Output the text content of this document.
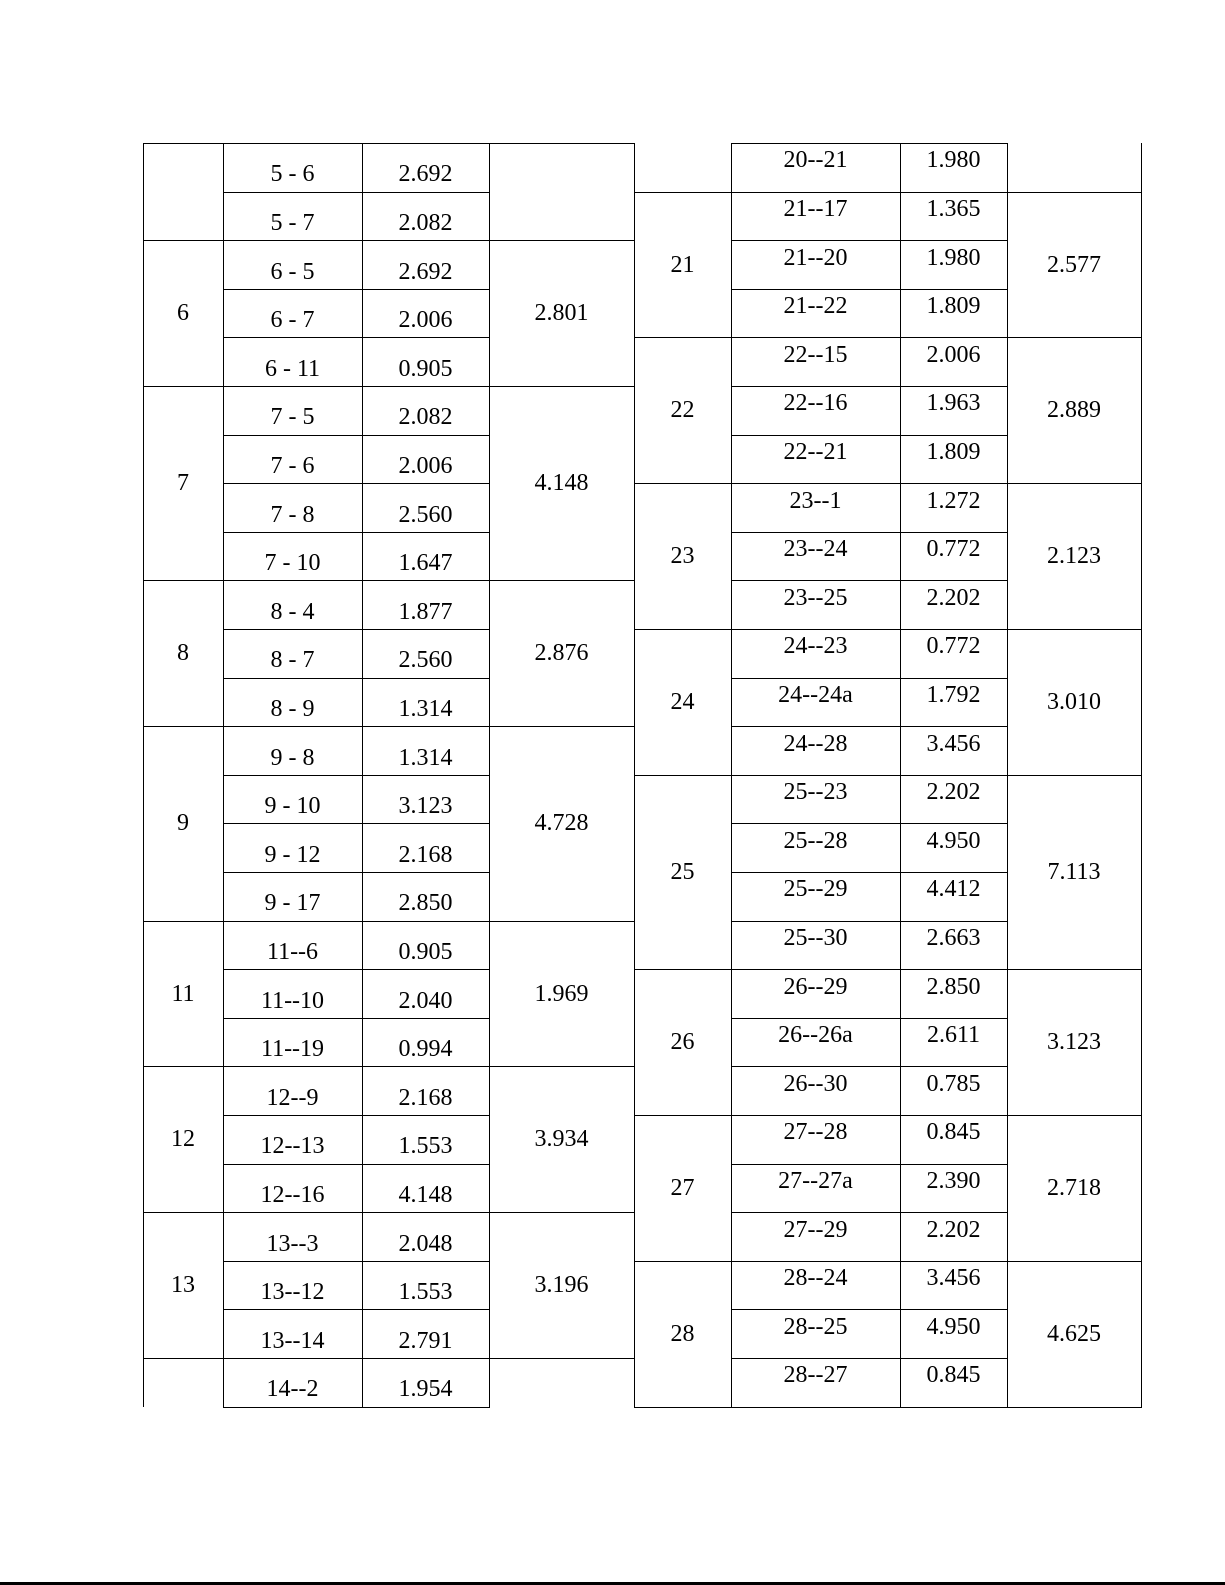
5 - 6	2.692
5 - 7	2.082
6	2.801
6 - 5	2.692
6 - 7	2.006
6 - 11	0.905
7	4.148
7 - 5	2.082
7 - 6	2.006
7 - 8	2.560
7 - 10	1.647
8	2.876
8 - 4	1.877
8 - 7	2.560
8 - 9	1.314
9	4.728
9 - 8	1.314
9 - 10	3.123
9 - 12	2.168
9 - 17	2.850
11	1.969
11--6	0.905
11--10	2.040
11--19	0.994
12	3.934
12--9	2.168
12--13	1.553
12--16	4.148
13	3.196
13--3	2.048
13--12	1.553
13--14	2.791
14--2	1.954
20--21	1.980
21	2.577
21--17	1.365
21--20	1.980
21--22	1.809
22	2.889
22--15	2.006
22--16	1.963
22--21	1.809
23	2.123
23--1	1.272
23--24	0.772
23--25	2.202
24	3.010
24--23	0.772
24--24a	1.792
24--28	3.456
25	7.113
25--23	2.202
25--28	4.950
25--29	4.412
25--30	2.663
26	3.123
26--29	2.850
26--26a	2.611
26--30	0.785
27	2.718
27--28	0.845
27--27a	2.390
27--29	2.202
28	4.625
28--24	3.456
28--25	4.950
28--27	0.845
